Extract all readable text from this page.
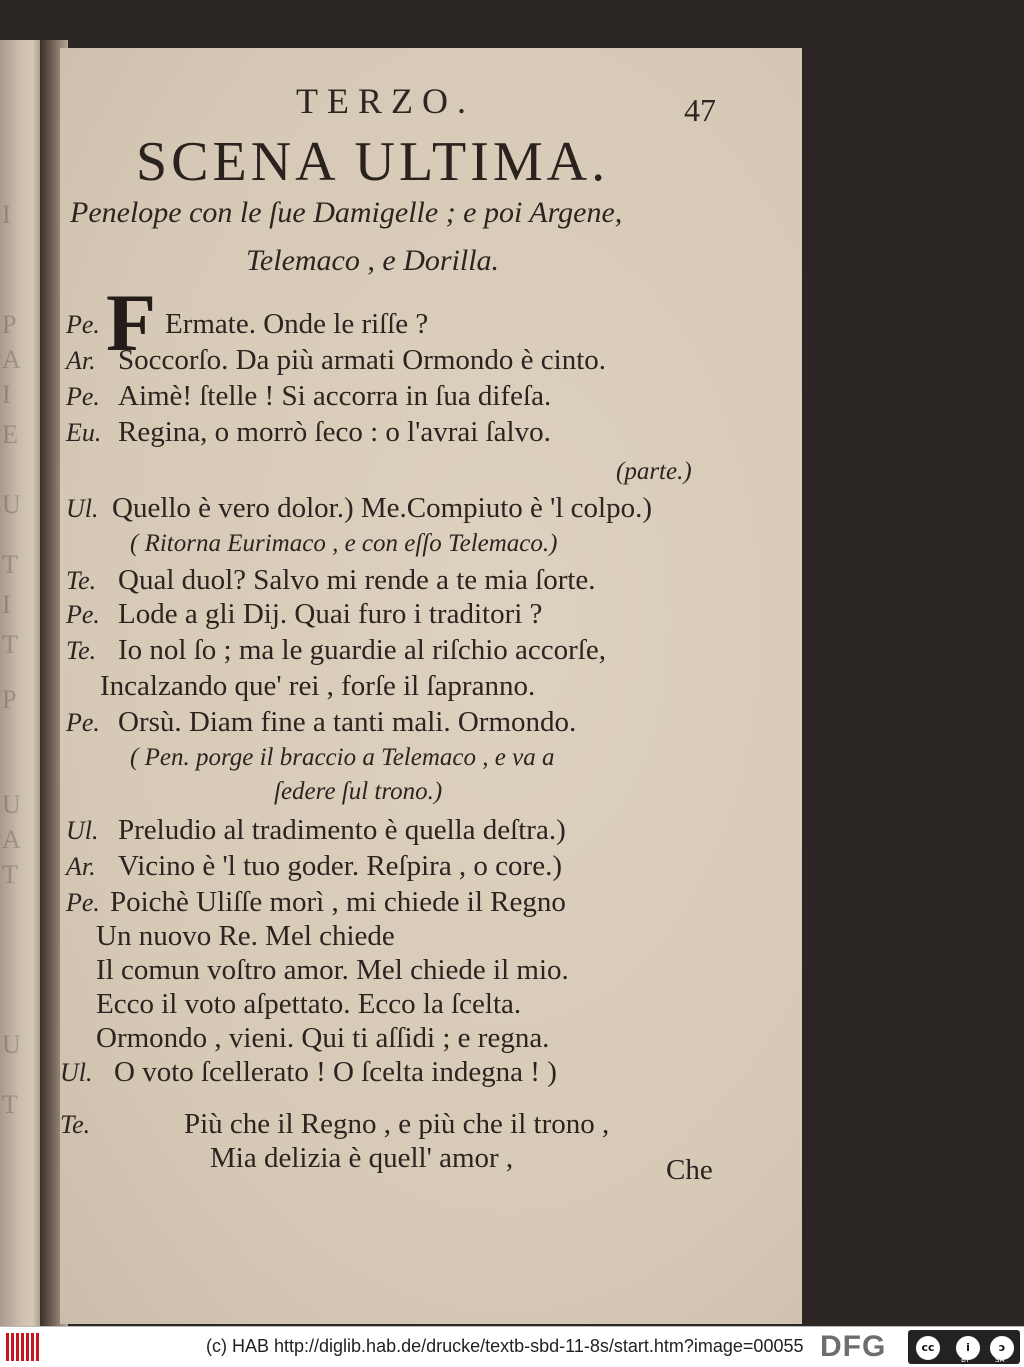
I
P
A
I
E
U
T
I
T
P
U
A
T
U
T
TERZO.	47
SCENA ULTIMA.
Penelope con le ſue Damigelle ; e poi Argene,
Telemaco , e Dorilla.
F
Pe. Ermate. Onde le riſſe ?
Ar. Soccorſo. Da più armati Ormondo è cinto.
Pe. Aimè! ſtelle ! Si accorra in ſua difeſa.
Eu. Regina, o morrò ſeco : o l'avrai ſalvo.
(parte.)
Ul. Quello è vero dolor.) Me.Compiuto è 'l colpo.)
( Ritorna Eurimaco , e con eſſo Telemaco.)
Te. Qual duol? Salvo mi rende a te mia ſorte.
Pe. Lode a gli Dij. Quai furo i traditori ?
Te. Io nol ſo ; ma le guardie al riſchio accorſe,
Incalzando que' rei , forſe il ſapranno.
Pe. Orsù. Diam fine a tanti mali. Ormondo.
( Pen. porge il braccio a Telemaco , e va a
ſedere ſul trono.)
Ul. Preludio al tradimento è quella deſtra.)
Ar. Vicino è 'l tuo goder. Reſpira , o core.)
Pe. Poichè Uliſſe morì , mi chiede il Regno
Un nuovo Re. Mel chiede
Il comun voſtro amor. Mel chiede il mio.
Ecco il voto aſpettato. Ecco la ſcelta.
Ormondo , vieni. Qui ti aſſidi ; e regna.
Ul. O voto ſcellerato ! O ſcelta indegna ! )
Te.	Più che il Regno , e più che il trono ,
Mia delizia è quell' amor ,	Che
(c) HAB http://diglib.hab.de/drucke/textb-sbd-11-8s/start.htm?image=00055 DFG	cc	i	ↄ
BY	SA
